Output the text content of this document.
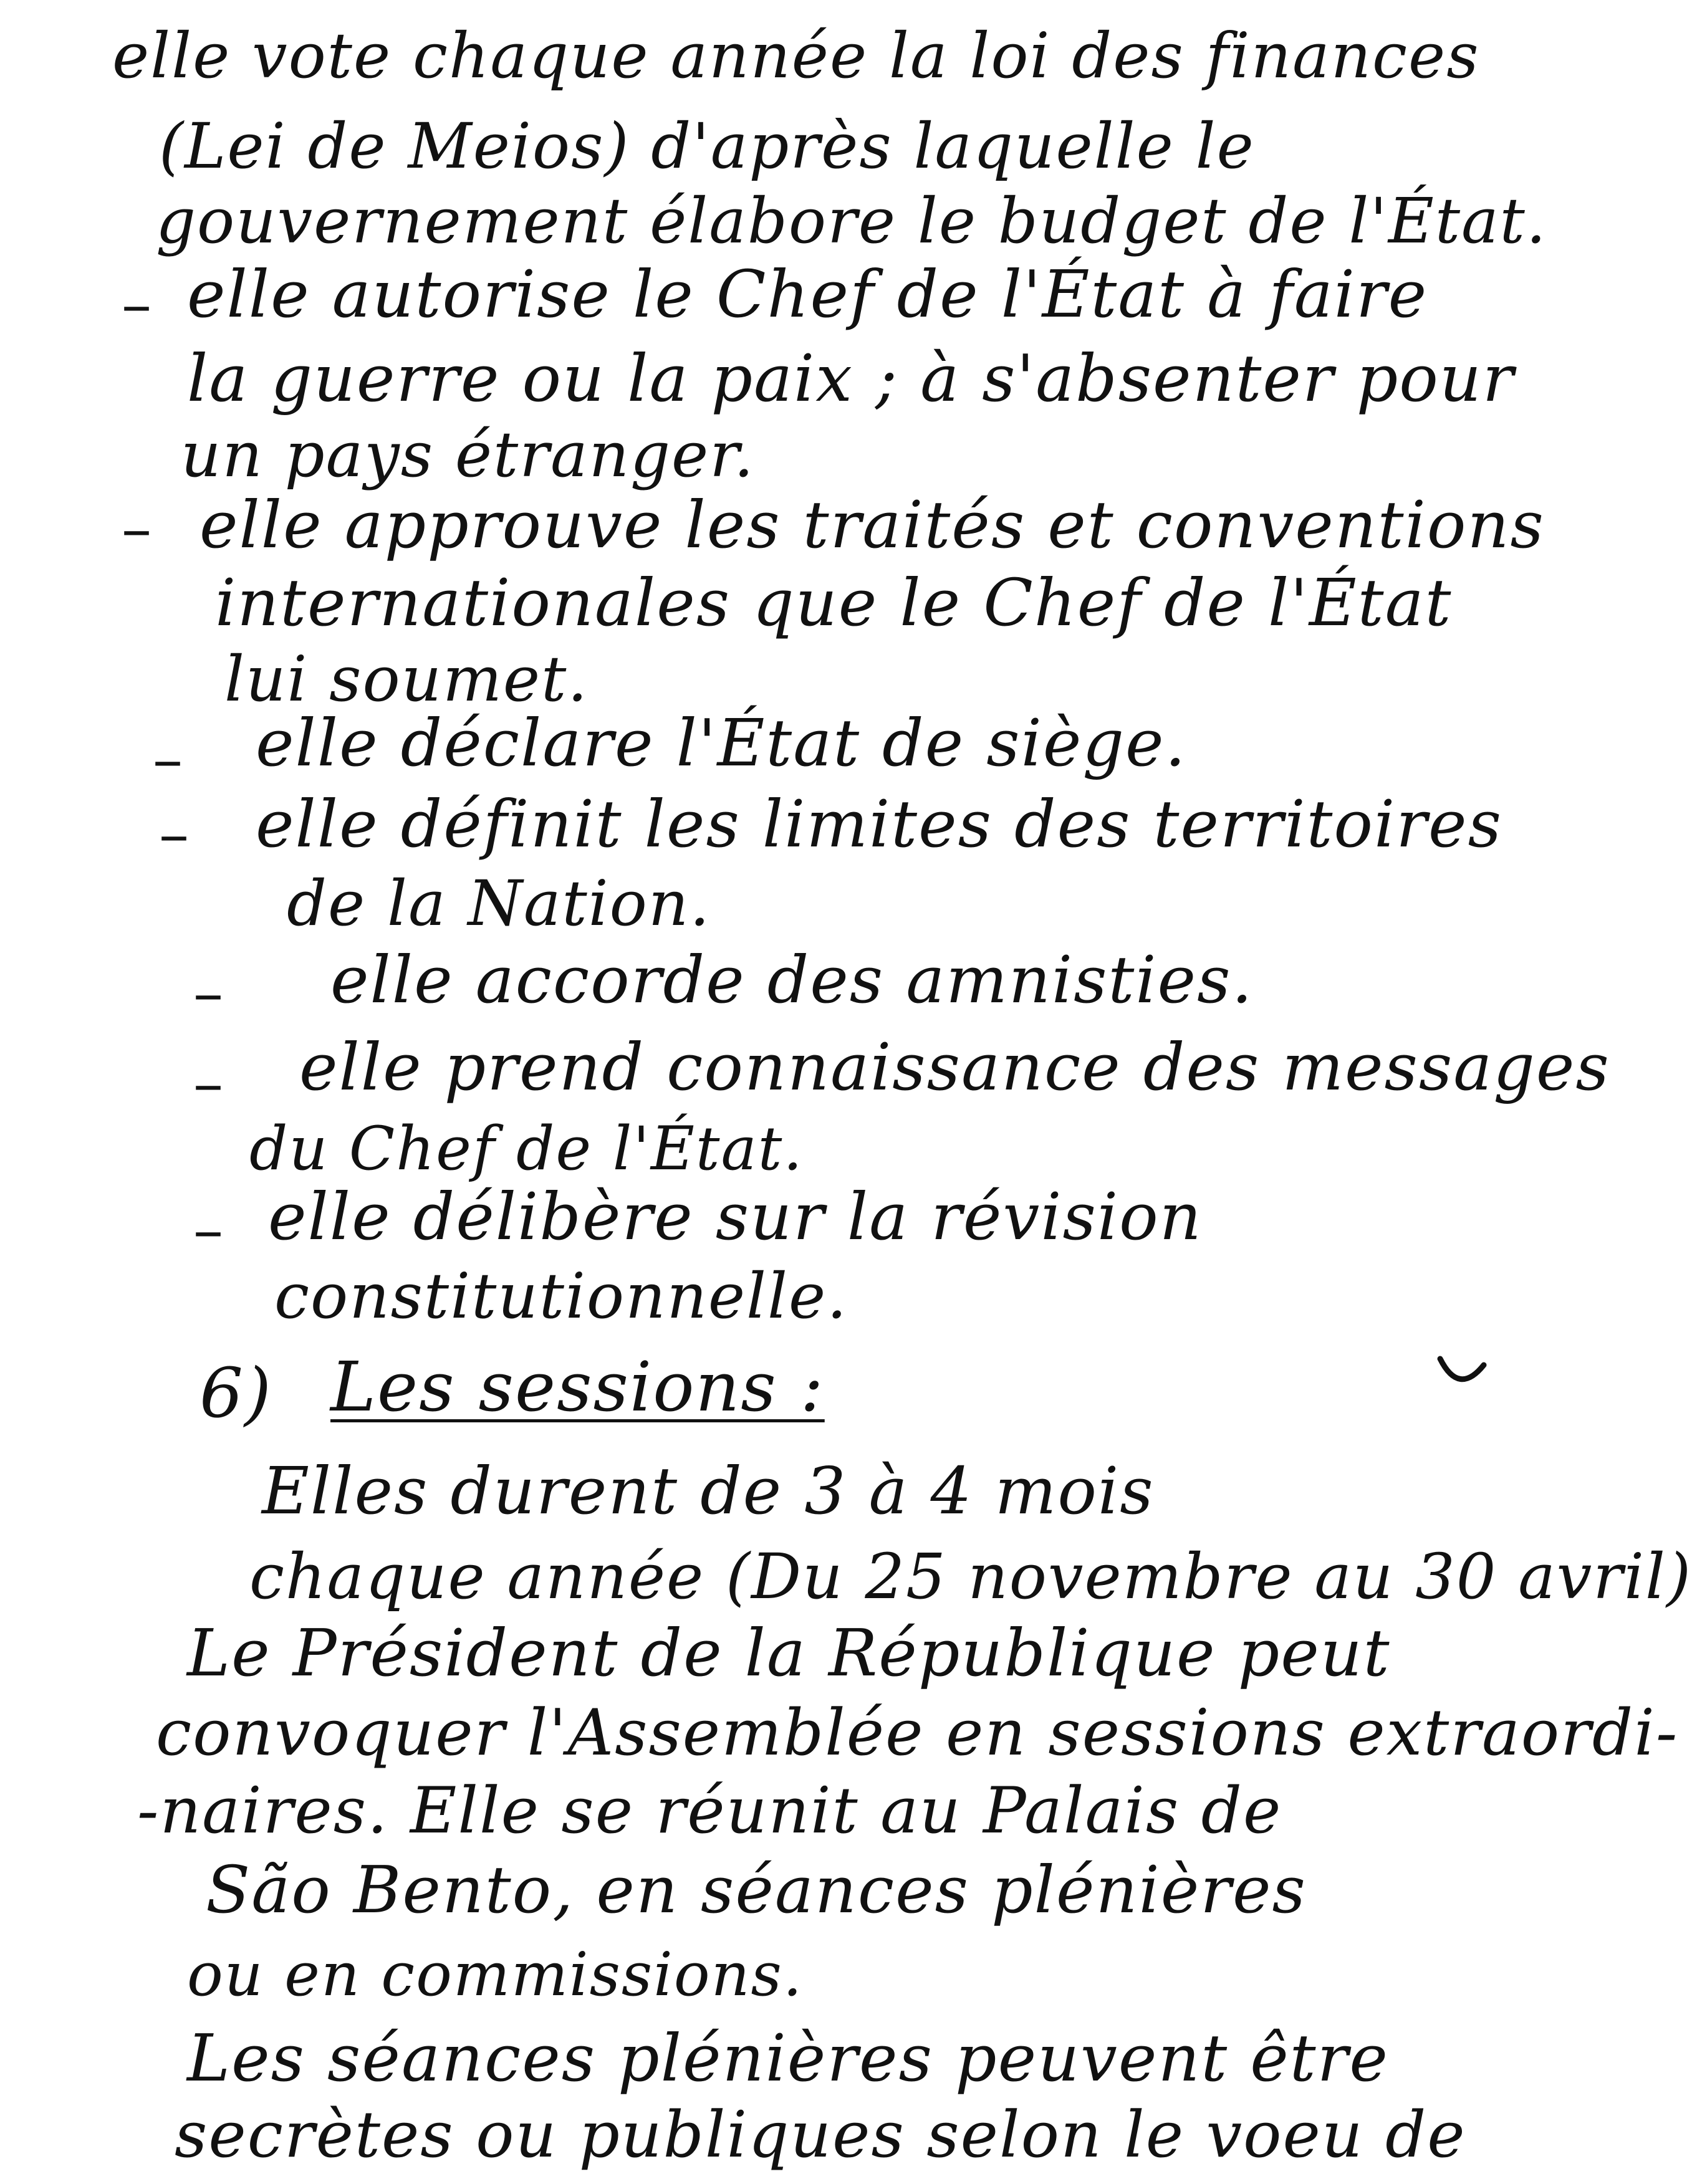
elle vote chaque année la loi des finances
(Lei de Meios) d'après laquelle le
gouvernement élabore le budget de l'État.
– elle autorise le Chef de l'État à faire
la guerre ou la paix ; à s'absenter pour
un pays étranger.
– elle approuve les traités et conventions
internationales que le Chef de l'État
lui soumet.
– elle déclare l'État de siège.
– elle définit les limites des territoires
de la Nation.
– elle accorde des amnisties.
– elle prend connaissance des messages
du Chef de l'État.
– elle délibère sur la révision
constitutionnelle.
6) Les sessions :
Elles durent de 3 à 4 mois
chaque année (Du 25 novembre au 30 avril)
Le Président de la République peut
convoquer l'Assemblée en sessions extraordi-
-naires. Elle se réunit au Palais de
São Bento, en séances plénières
ou en commissions.
Les séances plénières peuvent être
secrètes ou publiques selon le voeu de
